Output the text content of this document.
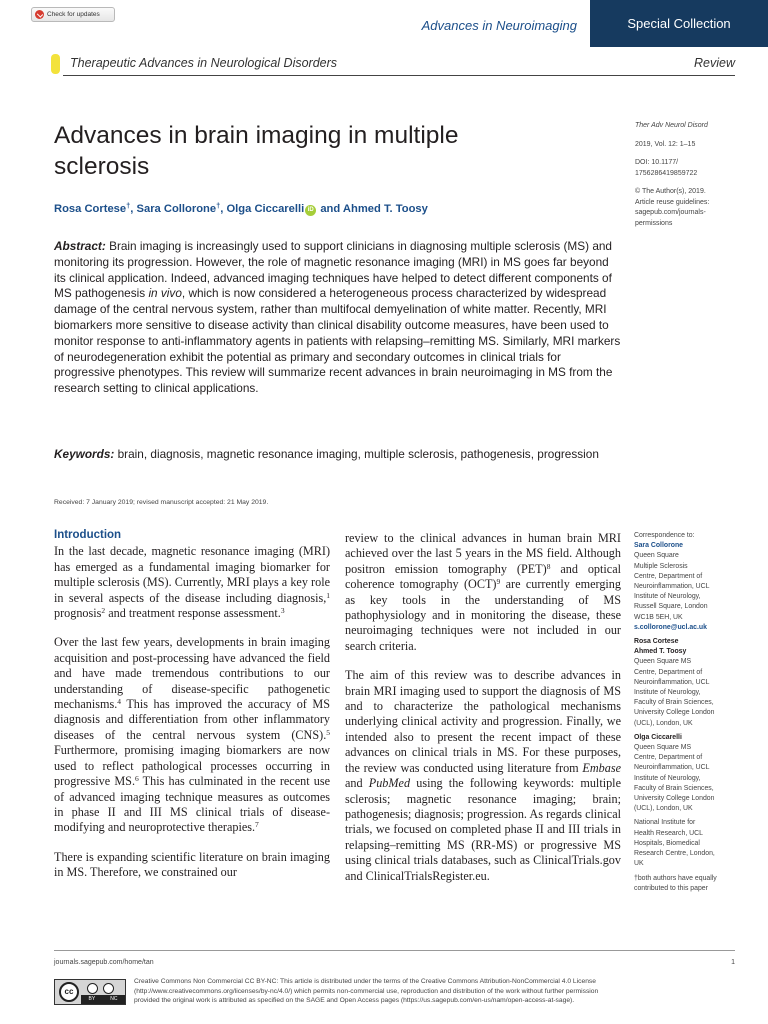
Check for updates
Advances in Neuroimaging	Special Collection
Therapeutic Advances in Neurological Disorders	Review
Advances in brain imaging in multiple
sclerosis
Rosa Cortese†, Sara Collorone†, Olga Ciccarelli iD and Ahmed T. Toosy
Ther Adv Neurol Disord
2019, Vol. 12: 1–15
DOI: 10.1177/
1756286419859722
© The Author(s), 2019.
Article reuse guidelines:
sagepub.com/journals-
permissions
Abstract: Brain imaging is increasingly used to support clinicians in diagnosing multiple sclerosis (MS) and monitoring its progression. However, the role of magnetic resonance imaging (MRI) in MS goes far beyond its clinical application. Indeed, advanced imaging techniques have helped to detect different components of MS pathogenesis in vivo, which is now considered a heterogeneous process characterized by widespread damage of the central nervous system, rather than multifocal demyelination of white matter. Recently, MRI biomarkers more sensitive to disease activity than clinical disability outcome measures, have been used to monitor response to anti-inflammatory agents in patients with relapsing–remitting MS. Similarly, MRI markers of neurodegeneration exhibit the potential as primary and secondary outcomes in clinical trials for progressive phenotypes. This review will summarize recent advances in brain neuroimaging in MS from the research setting to clinical applications.
Keywords: brain, diagnosis, magnetic resonance imaging, multiple sclerosis, pathogenesis, progression
Received: 7 January 2019; revised manuscript accepted: 21 May 2019.
Introduction

In the last decade, magnetic resonance imaging (MRI) has emerged as a fundamental imaging biomarker for multiple sclerosis (MS). Currently, MRI plays a key role in several aspects of the disease including diagnosis,$^1$ prognosis$^2$ and treatment response assessment.$^3$

Over the last few years, developments in brain imaging acquisition and post-processing have advanced the field and have made tremendous contributions to our understanding of disease-specific pathogenetic mechanisms.$^4$ This has improved the accuracy of MS diagnosis and differentiation from other inflammatory diseases of the central nervous system (CNS).$^5$ Furthermore, promising imaging biomarkers are now used to reflect pathological processes occurring in progressive MS.$^6$ This has culminated in the recent use of advanced imaging technique measures as outcomes in phase II and III MS clinical trials of disease-modifying and neuroprotective therapies.$^7$

There is expanding scientific literature on brain imaging in MS. Therefore, we constrained our

review to the clinical advances in human brain MRI achieved over the last 5 years in the MS field. Although positron emission tomography (PET)$^8$ and optical coherence tomography (OCT)$^9$ are currently emerging as key tools in the understanding of MS pathophysiology and in monitoring the disease, these neuroimaging techniques were not included in our search criteria.

The aim of this review was to describe advances in brain MRI imaging used to support the diagnosis of MS and to characterize the pathological mechanisms underlying clinical activity and progression. Finally, we intended also to present the recent impact of these advances on clinical trials in MS. For these purposes, the review was conducted using literature from Embase and PubMed using the following keywords: multiple sclerosis; magnetic resonance imaging; brain; pathogenesis; diagnosis; progression. As regards clinical trials, we focused on completed phase II and III trials in relapsing–remitting MS (RR-MS) or progressive MS using clinical trials databases, such as ClinicalTrials.gov and ClinicalTrialsRegister.eu.

Correspondence to:
Sara Collorone
Queen Square
Multiple Sclerosis
Centre, Department of
Neuroinflammation, UCL
Institute of Neurology,
Russell Square, London
WC1B 5EH, UK
s.collorone@ucl.ac.uk
Rosa Cortese
Ahmed T. Toosy
Queen Square MS
Centre, Department of
Neuroinflammation, UCL
Institute of Neurology,
Faculty of Brain Sciences,
University College London
(UCL), London, UK
Olga Ciccarelli
Queen Square MS
Centre, Department of
Neuroinflammation, UCL
Institute of Neurology,
Faculty of Brain Sciences,
University College London
(UCL), London, UK
National Institute for
Health Research, UCL
Hospitals, Biomedical
Research Centre, London,
UK
†both authors have equally
contributed to this paper
journals.sagepub.com/home/tan	1
cc
BY	NC
Creative Commons Non Commercial CC BY-NC: This article is distributed under the terms of the Creative Commons Attribution-NonCommercial 4.0 License
(http://www.creativecommons.org/licenses/by-nc/4.0/) which permits non-commercial use, reproduction and distribution of the work without further permission
provided the original work is attributed as specified on the SAGE and Open Access pages (https://us.sagepub.com/en-us/nam/open-access-at-sage).
